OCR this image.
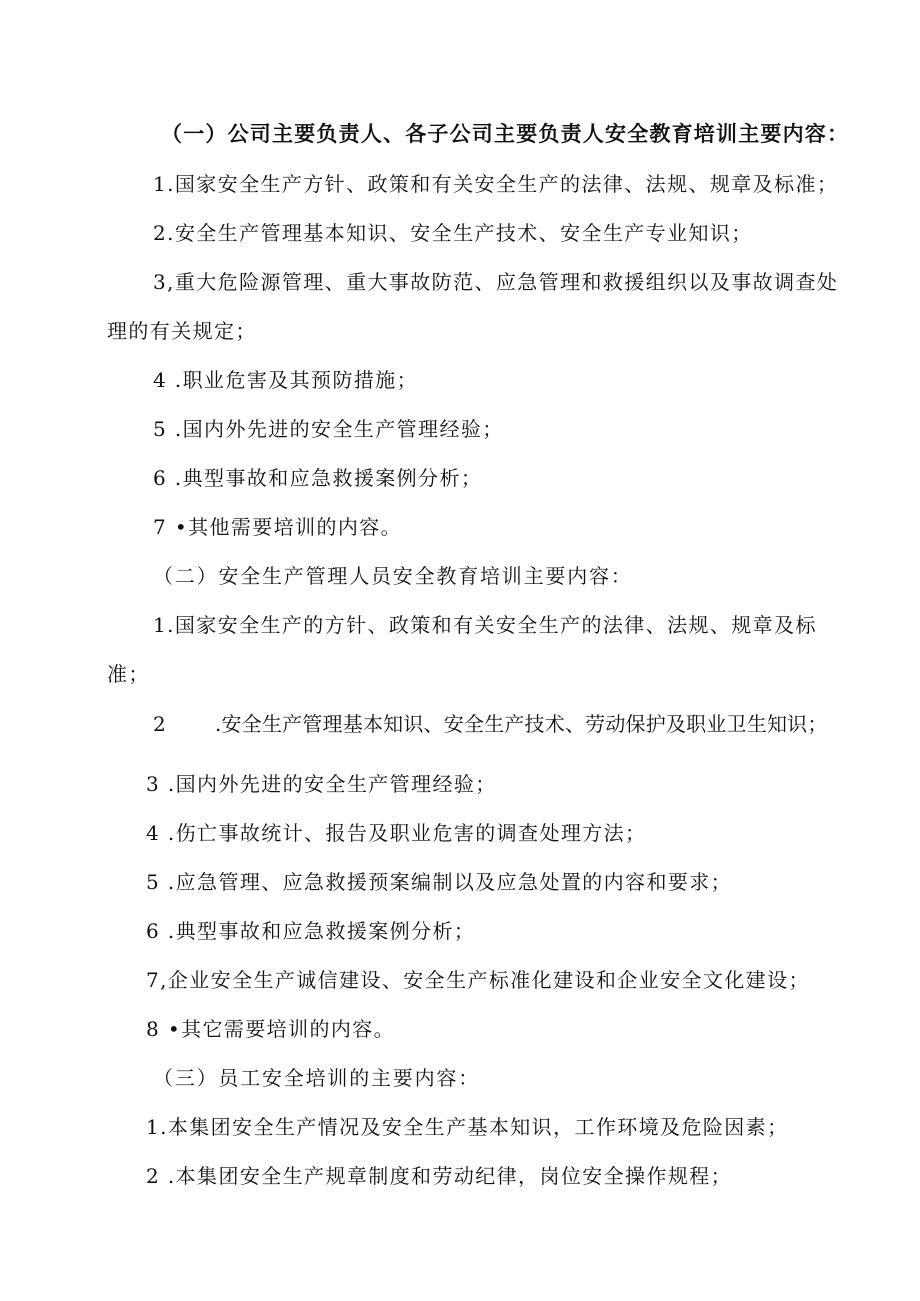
（一）公司主要负责人、各子公司主要负责人安全教育培训主要内容：
1.国家安全生产方针、政策和有关安全生产的法律、法规、规章及标准；
2.安全生产管理基本知识、安全生产技术、安全生产专业知识；
3,重大危险源管理、重大事故防范、应急管理和救援组织以及事故调查处
理的有关规定；
4 .职业危害及其预防措施；
5 .国内外先进的安全生产管理经验；
6 .典型事故和应急救援案例分析；
7 •其他需要培训的内容。
（二）安全生产管理人员安全教育培训主要内容：
1.国家安全生产的方针、政策和有关安全生产的法律、法规、规章及标
准；
2 .安全生产管理基本知识、安全生产技术、劳动保护及职业卫生知识；
3 .国内外先进的安全生产管理经验；
4 .伤亡事故统计、报告及职业危害的调查处理方法；
5 .应急管理、应急救援预案编制以及应急处置的内容和要求；
6 .典型事故和应急救援案例分析；
7,企业安全生产诚信建设、安全生产标准化建设和企业安全文化建设；
8 •其它需要培训的内容。
（三）员工安全培训的主要内容：
1.本集团安全生产情况及安全生产基本知识，工作环境及危险因素；
2 .本集团安全生产规章制度和劳动纪律，岗位安全操作规程；
